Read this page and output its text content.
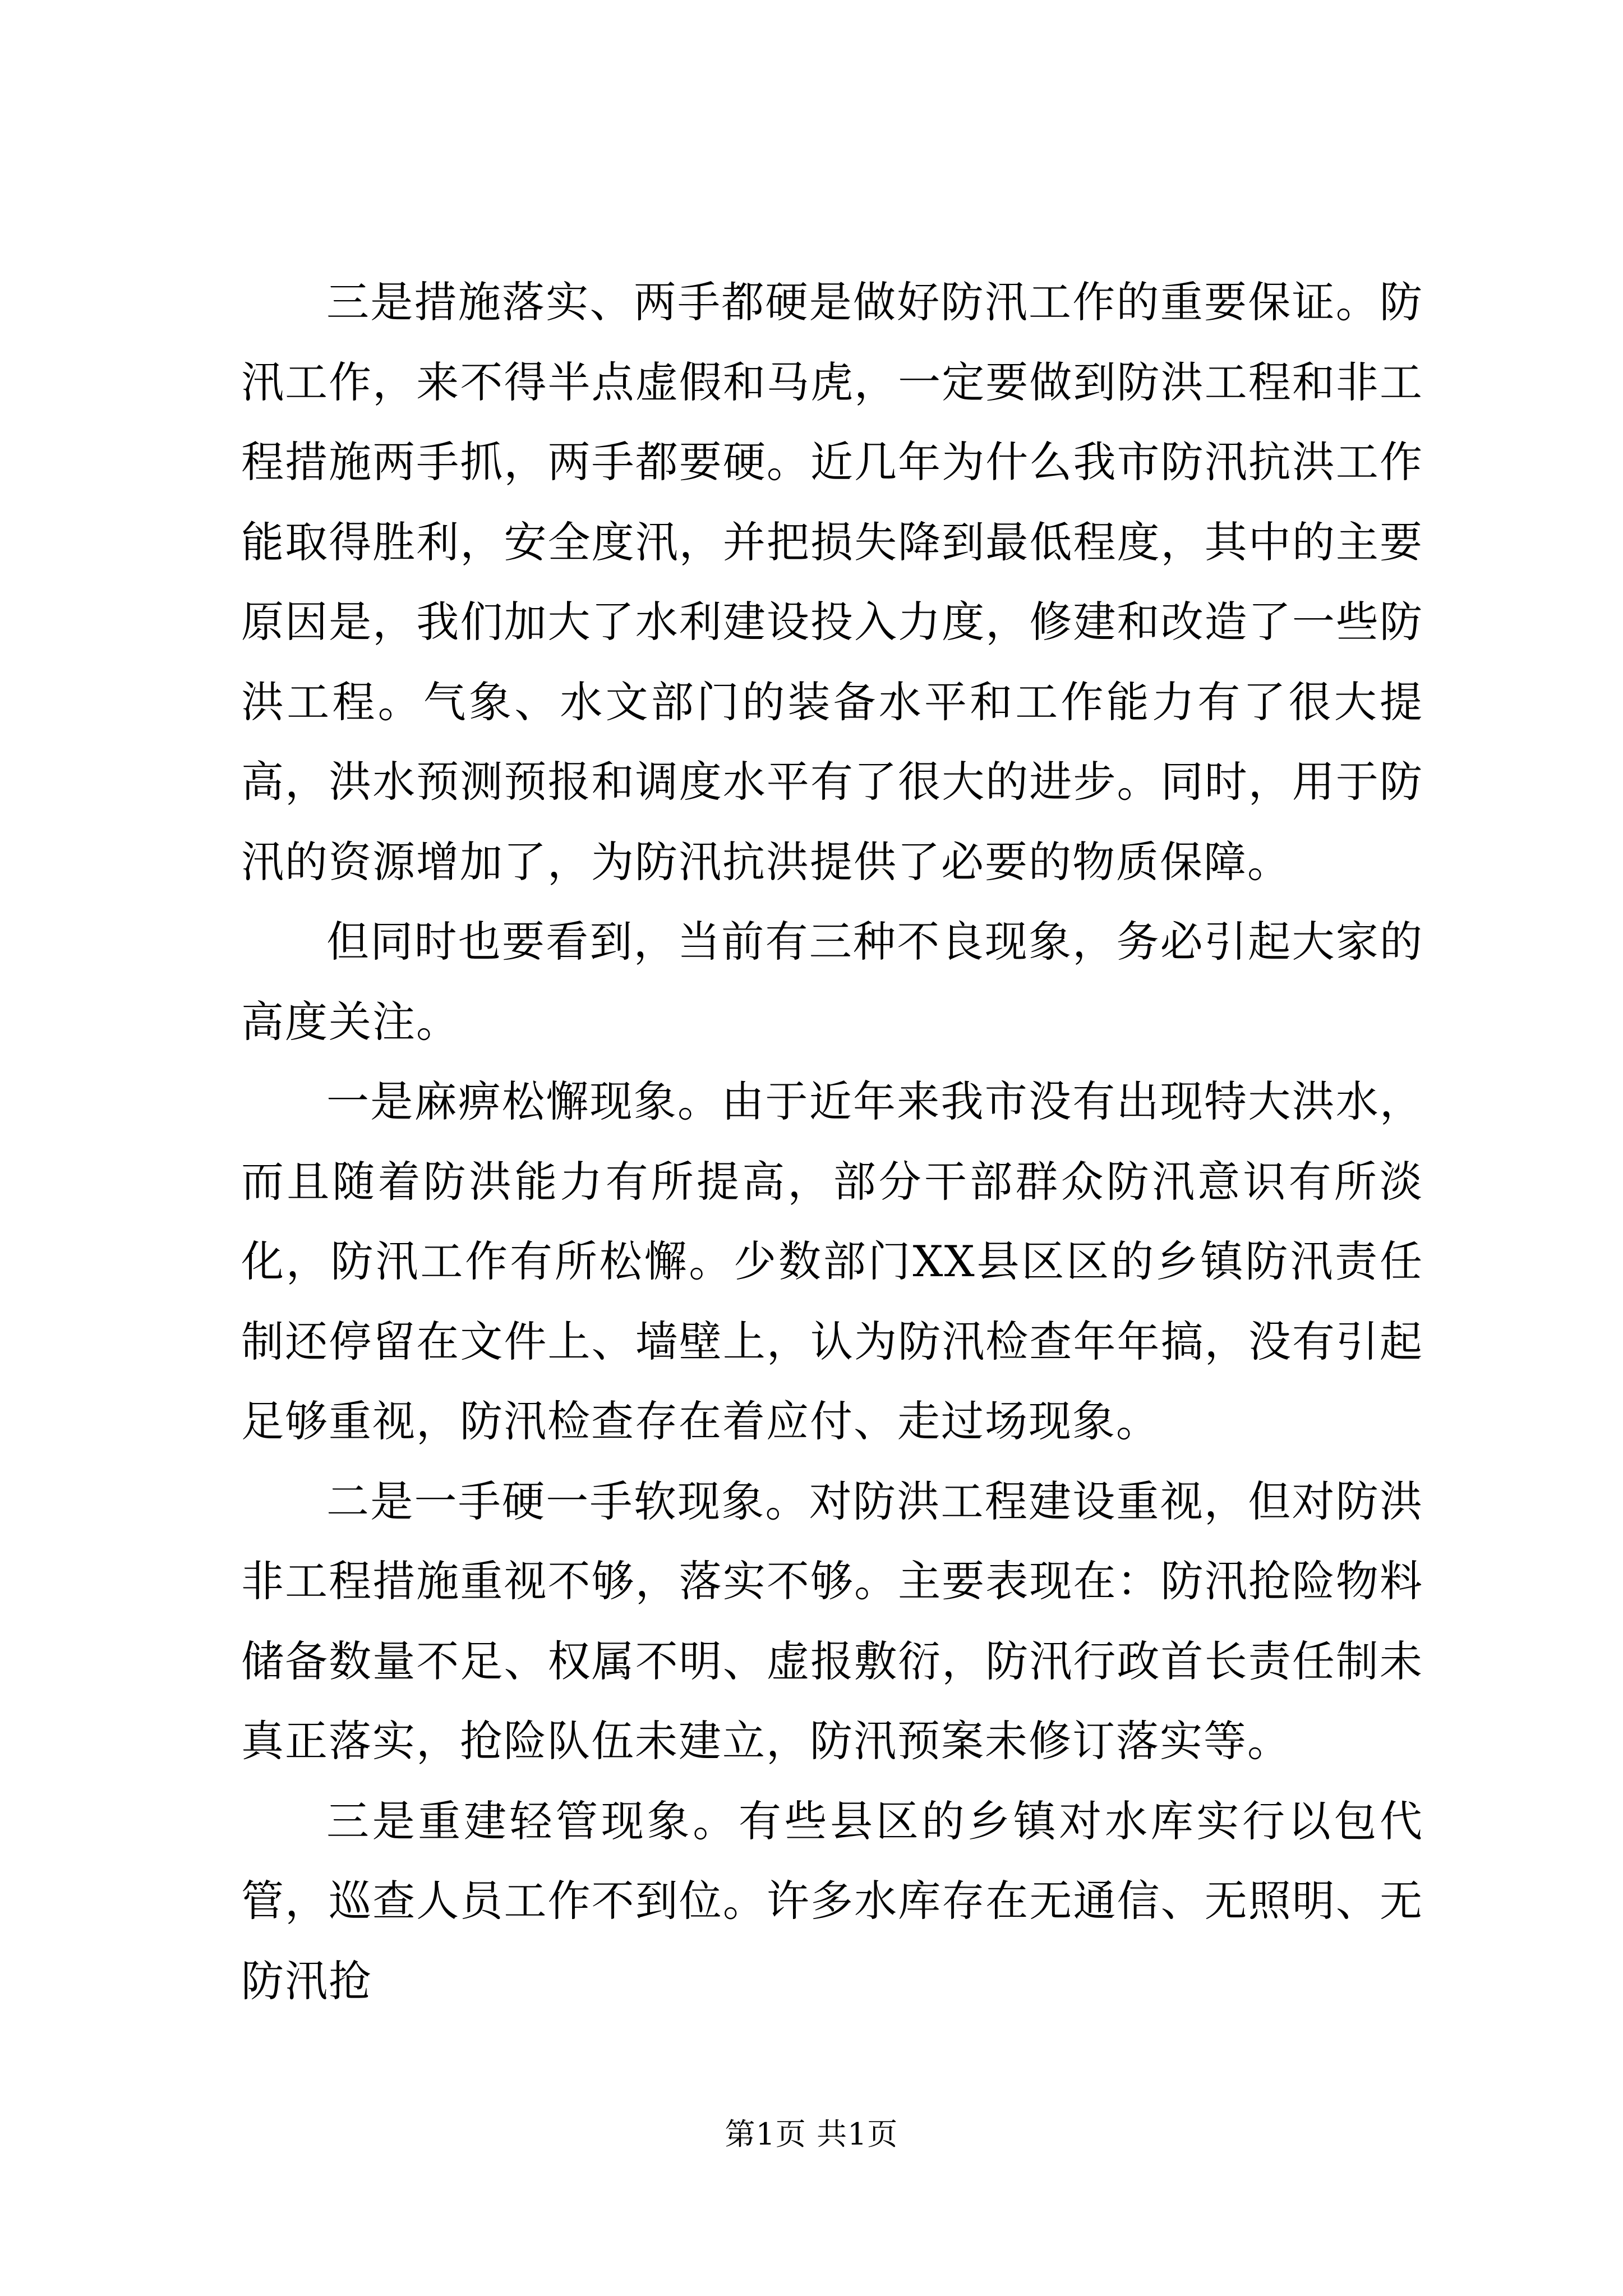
三是措施落实、两手都硬是做好防汛工作的重要保证。防汛工作，来不得半点虚假和马虎，一定要做到防洪工程和非工程措施两手抓，两手都要硬。近几年为什么我市防汛抗洪工作能取得胜利，安全度汛，并把损失降到最低程度，其中的主要原因是，我们加大了水利建设投入力度，修建和改造了一些防洪工程。气象、水文部门的装备水平和工作能力有了很大提高，洪水预测预报和调度水平有了很大的进步。同时，用于防汛的资源增加了，为防汛抗洪提供了必要的物质保障。

但同时也要看到，当前有三种不良现象，务必引起大家的高度关注。

一是麻痹松懈现象。由于近年来我市没有出现特大洪水，而且随着防洪能力有所提高，部分干部群众防汛意识有所淡化，防汛工作有所松懈。少数部门XX县区区的乡镇防汛责任制还停留在文件上、墙壁上，认为防汛检查年年搞，没有引起足够重视，防汛检查存在着应付、走过场现象。

二是一手硬一手软现象。对防洪工程建设重视，但对防洪非工程措施重视不够，落实不够。主要表现在：防汛抢险物料储备数量不足、权属不明、虚报敷衍，防汛行政首长责任制未真正落实，抢险队伍未建立，防汛预案未修订落实等。

三是重建轻管现象。有些县区的乡镇对水库实行以包代管，巡查人员工作不到位。许多水库存在无通信、无照明、无防汛抢

第1页 共1页
